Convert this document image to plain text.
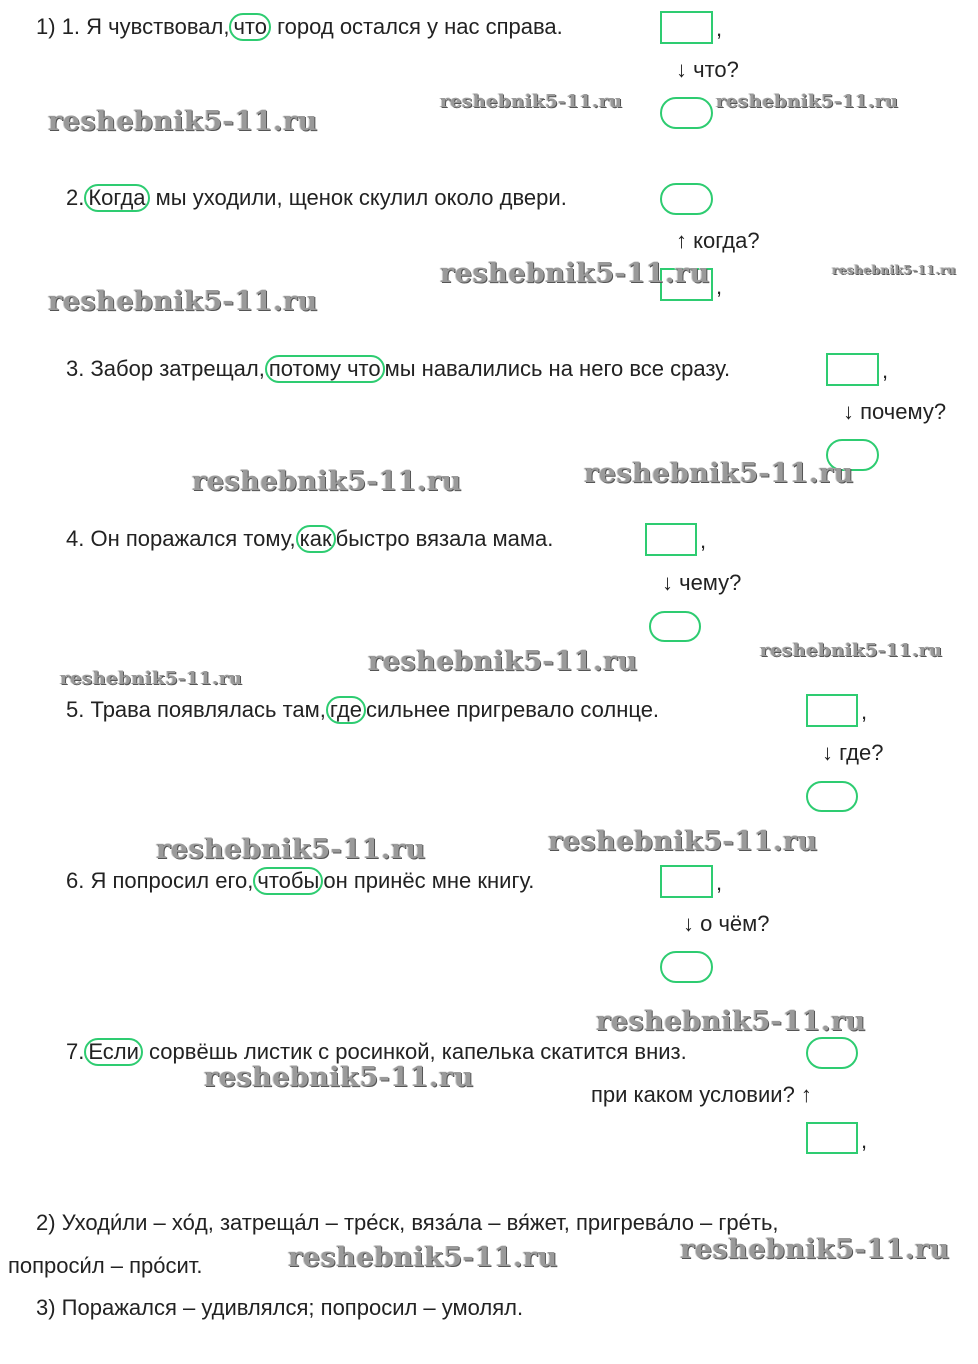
1) 1. Я чувствовал, что город остался у нас справа.	,
↓ что?
2. Когда мы уходили, щенок скулил около двери.
↑ когда?
,
3. Забор затрещал, потому что мы навалились на него все сразу.	,
↓ почему?
4. Он поражался тому, как быстро вязала мама.	,
↓ чему?
5. Трава появлялась там, где сильнее пригревало солнце.	,
↓ где?
6. Я попросил его, чтобы он принёс мне книгу.	,
↓ о чём?
7. Если сорвёшь листик с росинкой, капелька скатится вниз.
при каком условии? ↑
,
2) Уходи́ли – хо́д, затреща́л – тре́ск, вяза́ла – вя́жет, пригрева́ло – гре́ть,
попроси́л – про́сит.
3) Поражался – удивлялся; попросил – умолял.
reshebnik5-11.ru
reshebnik5-11.ru	reshebnik5-11.ru
reshebnik5-11.ru
reshebnik5-11.ru	reshebnik5-11.ru
reshebnik5-11.ru	reshebnik5-11.ru
reshebnik5-11.ru
reshebnik5-11.ru
reshebnik5-11.ru
reshebnik5-11.ru	reshebnik5-11.ru
reshebnik5-11.ru
reshebnik5-11.ru
reshebnik5-11.ru
reshebnik5-11.ru
